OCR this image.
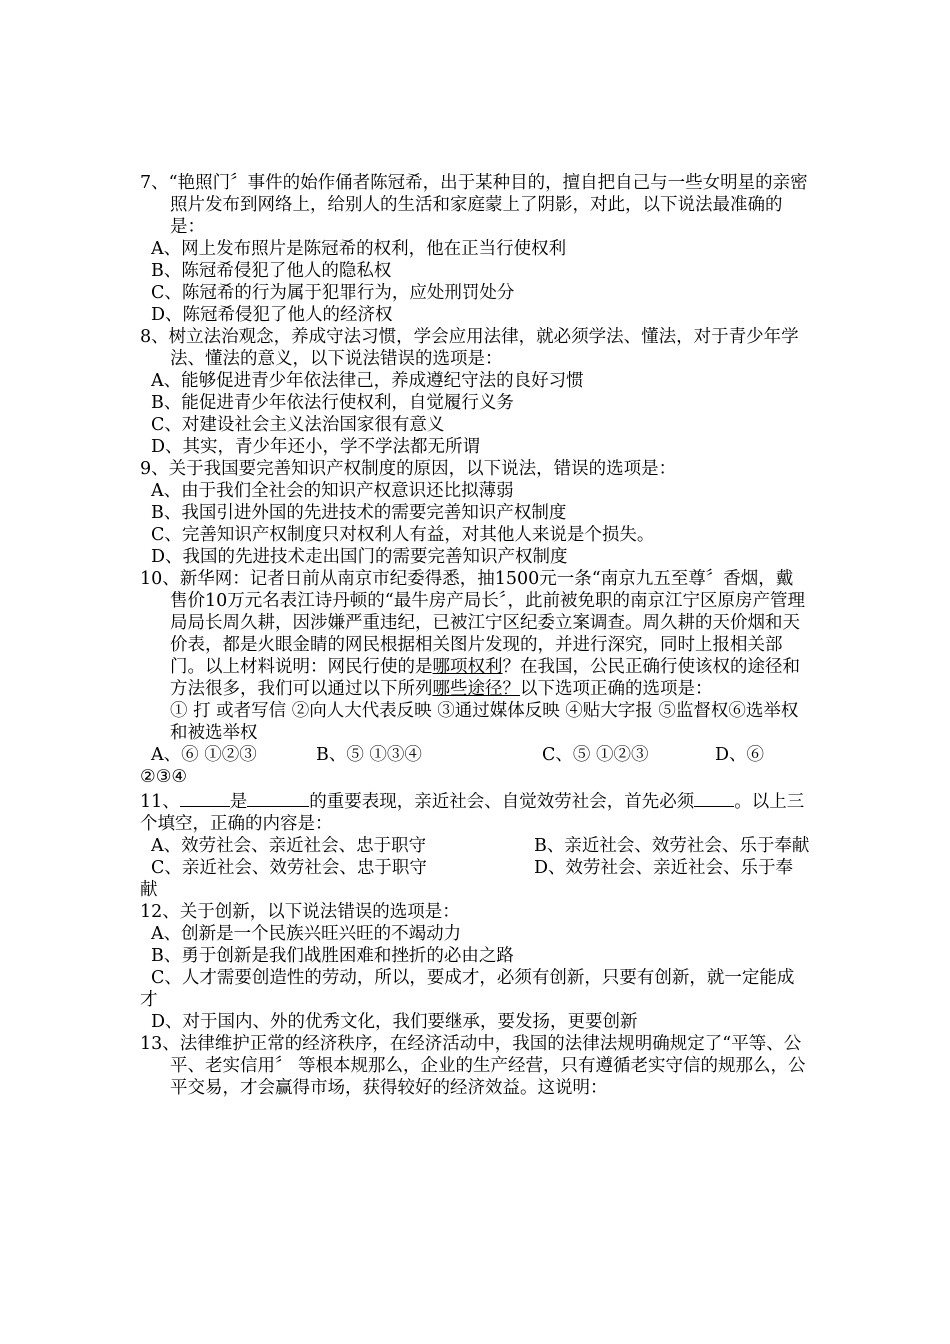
7、“艳照门〞事件的始作俑者陈冠希，出于某种目的，擅自把自己与一些女明星的亲密照片发布到网络上，给别人的生活和家庭蒙上了阴影，对此，以下说法最准确的是：

A、网上发布照片是陈冠希的权利，他在正当行使权利

B、陈冠希侵犯了他人的隐私权

C、陈冠希的行为属于犯罪行为，应处刑罚处分

D、陈冠希侵犯了他人的经济权

8、树立法治观念，养成守法习惯，学会应用法律，就必须学法、懂法，对于青少年学法、懂法的意义，以下说法错误的选项是：

A、能够促进青少年依法律己，养成遵纪守法的良好习惯

B、能促进青少年依法行使权利，自觉履行义务

C、对建设社会主义法治国家很有意义

D、其实，青少年还小，学不学法都无所谓

9、关于我国要完善知识产权制度的原因，以下说法，错误的选项是：

A、由于我们全社会的知识产权意识还比拟薄弱

B、我国引进外国的先进技术的需要完善知识产权制度

C、完善知识产权制度只对权利人有益，对其他人来说是个损失。

D、我国的先进技术走出国门的需要完善知识产权制度

10、新华网：记者日前从南京市纪委得悉，抽1500元一条“南京九五至尊〞香烟，戴售价10万元名表江诗丹顿的“最牛房产局长〞，此前被免职的南京江宁区原房产管理局局长周久耕，因涉嫌严重违纪，已被江宁区纪委立案调查。周久耕的天价烟和天价表，都是火眼金睛的网民根据相关图片发现的，并进行深究，同时上报相关部门。以上材料说明：网民行使的是哪项权利？在我国，公民正确行使该权的途径和方法很多，我们可以通过以下所列哪些途径？以下选项正确的选项是：

① 打 或者写信 ②向人大代表反映 ③通过媒体反映 ④贴大字报 ⑤监督权⑥选举权和被选举权

A、⑥ ①②③	B、⑤ ①③④	C、⑤ ①②③	D、⑥

②③④

11、	是	的重要表现，亲近社会、自觉效劳社会，首先必须 。以上三个填空，正确的内容是：

A、效劳社会、亲近社会、忠于职守	B、亲近社会、效劳社会、乐于奉献

C、亲近社会、效劳社会、忠于职守	D、效劳社会、亲近社会、乐于奉献

12、关于创新，以下说法错误的选项是：

A、创新是一个民族兴旺兴旺的不竭动力

B、勇于创新是我们战胜困难和挫折的必由之路

C、人才需要创造性的劳动，所以，要成才，必须有创新，只要有创新，就一定能成才

D、对于国内、外的优秀文化，我们要继承，要发扬，更要创新

13、法律维护正常的经济秩序，在经济活动中，我国的法律法规明确规定了“平等、公平、老实信用〞 等根本规那么，企业的生产经营，只有遵循老实守信的规那么，公平交易，才会赢得市场，获得较好的经济效益。这说明：
